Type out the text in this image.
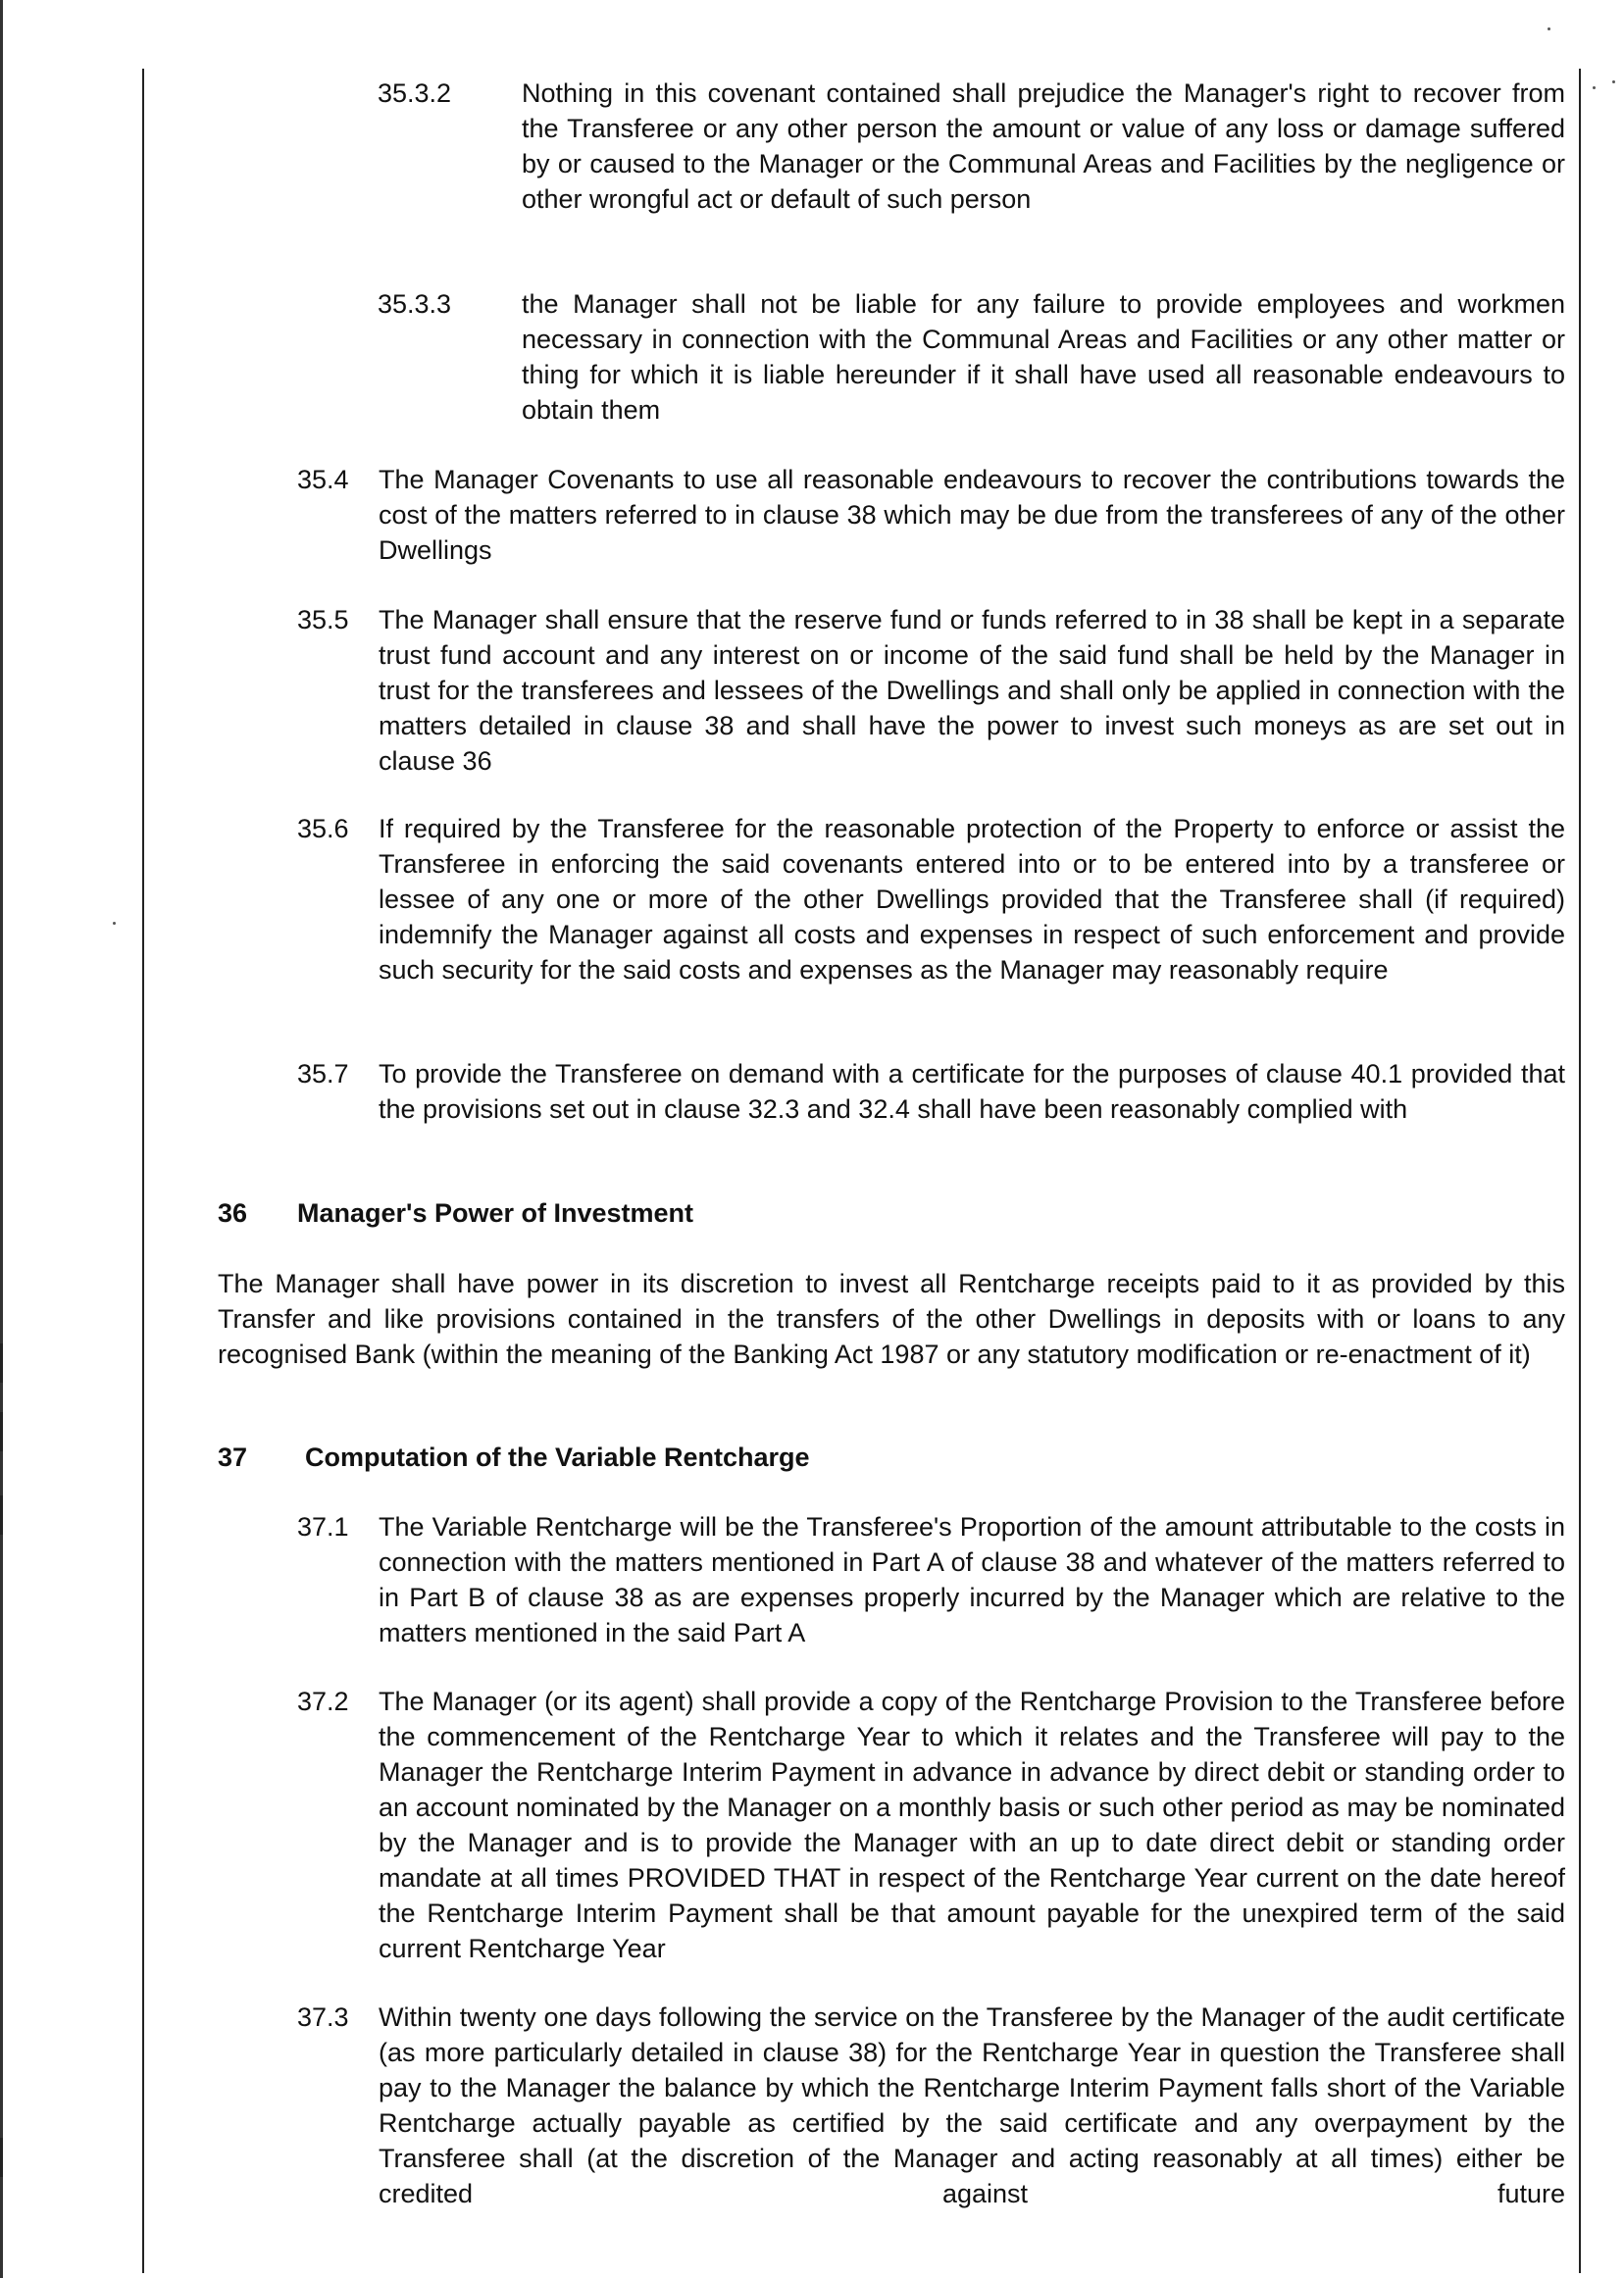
35.3.2	Nothing in this covenant contained shall prejudice the Manager's right to recover from the Transferee or any other person the amount or value of any loss or damage suffered by or caused to the Manager or the Communal Areas and Facilities by the negligence or other wrongful act or default of such person

35.3.3	the Manager shall not be liable for any failure to provide employees and workmen necessary in connection with the Communal Areas and Facilities or any other matter or thing for which it is liable hereunder if it shall have used all reasonable endeavours to obtain them

35.4 The Manager Covenants to use all reasonable endeavours to recover the contributions towards the cost of the matters referred to in clause 38 which may be due from the transferees of any of the other Dwellings

35.5 The Manager shall ensure that the reserve fund or funds referred to in 38 shall be kept in a separate trust fund account and any interest on or income of the said fund shall be held by the Manager in trust for the transferees and lessees of the Dwellings and shall only be applied in connection with the matters detailed in clause 38 and shall have the power to invest such moneys as are set out in clause 36

35.6 If required by the Transferee for the reasonable protection of the Property to enforce or assist the Transferee in enforcing the said covenants entered into or to be entered into by a transferee or lessee of any one or more of the other Dwellings provided that the Transferee shall (if required) indemnify the Manager against all costs and expenses in respect of such enforcement and provide such security for the said costs and expenses as the Manager may reasonably require

35.7 To provide the Transferee on demand with a certificate for the purposes of clause 40.1 provided that the provisions set out in clause 32.3 and 32.4 shall have been reasonably complied with

36 Manager's Power of Investment

The Manager shall have power in its discretion to invest all Rentcharge receipts paid to it as provided by this Transfer and like provisions contained in the transfers of the other Dwellings in deposits with or loans to any recognised Bank (within the meaning of the Banking Act 1987 or any statutory modification or re-enactment of it)

37 Computation of the Variable Rentcharge

37.1 The Variable Rentcharge will be the Transferee's Proportion of the amount attributable to the costs in connection with the matters mentioned in Part A of clause 38 and whatever of the matters referred to in Part B of clause 38 as are expenses properly incurred by the Manager which are relative to the matters mentioned in the said Part A

37.2 The Manager (or its agent) shall provide a copy of the Rentcharge Provision to the Transferee before the commencement of the Rentcharge Year to which it relates and the Transferee will pay to the Manager the Rentcharge Interim Payment in advance in advance by direct debit or standing order to an account nominated by the Manager on a monthly basis or such other period as may be nominated by the Manager and is to provide the Manager with an up to date direct debit or standing order mandate at all times PROVIDED THAT in respect of the Rentcharge Year current on the date hereof the Rentcharge Interim Payment shall be that amount payable for the unexpired term of the said current Rentcharge Year

37.3 Within twenty one days following the service on the Transferee by the Manager of the audit certificate (as more particularly detailed in clause 38) for the Rentcharge Year in question the Transferee shall pay to the Manager the balance by which the Rentcharge Interim Payment falls short of the Variable Rentcharge actually payable as certified by the said certificate and any overpayment by the Transferee shall (at the discretion of the Manager and acting reasonably at all times) either be credited against future
